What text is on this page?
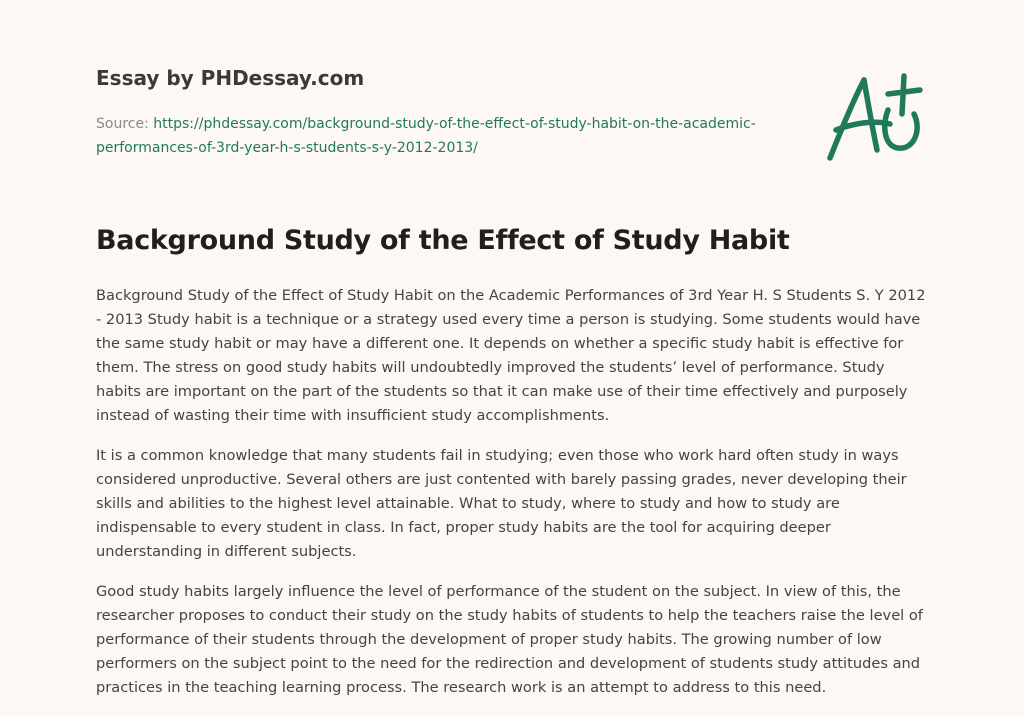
Essay by PHDessay.com
Source: https://phdessay.com/background-study-of-the-effect-of-study-habit-on-the-academic-performances-of-3rd-year-h-s-students-s-y-2012-2013/
Background Study of the Effect of Study Habit

Background Study of the Effect of Study Habit on the Academic Performances of 3rd Year H. S Students S. Y 2012 - 2013 Study habit is a technique or a strategy used every time a person is studying. Some students would have the same study habit or may have a different one. It depends on whether a specific study habit is effective for them. The stress on good study habits will undoubtedly improved the students’ level of performance. Study habits are important on the part of the students so that it can make use of their time effectively and purposely instead of wasting their time with insufficient study accomplishments.

It is a common knowledge that many students fail in studying; even those who work hard often study in ways considered unproductive. Several others are just contented with barely passing grades, never developing their skills and abilities to the highest level attainable. What to study, where to study and how to study are indispensable to every student in class. In fact, proper study habits are the tool for acquiring deeper understanding in different subjects.

Good study habits largely influence the level of performance of the student on the subject. In view of this, the researcher proposes to conduct their study on the study habits of students to help the teachers raise the level of performance of their students through the development of proper study habits. The growing number of low performers on the subject point to the need for the redirection and development of students study attitudes and practices in the teaching learning process. The research work is an attempt to address to this need.
